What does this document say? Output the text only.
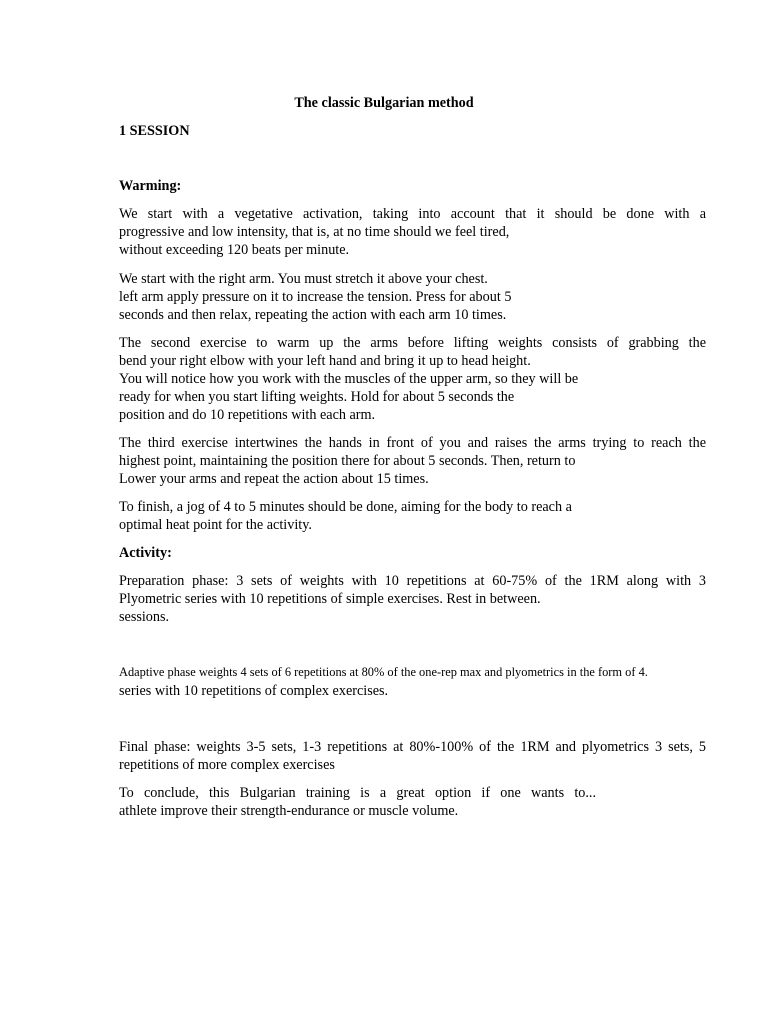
The classic Bulgarian method
1 SESSION
Warming:
We start with a vegetative activation, taking into account that it should be done with a
progressive and low intensity, that is, at no time should we feel tired,
without exceeding 120 beats per minute.
We start with the right arm. You must stretch it above your chest.
left arm apply pressure on it to increase the tension. Press for about 5
seconds and then relax, repeating the action with each arm 10 times.
The second exercise to warm up the arms before lifting weights consists of grabbing the
bend your right elbow with your left hand and bring it up to head height.
You will notice how you work with the muscles of the upper arm, so they will be
ready for when you start lifting weights. Hold for about 5 seconds the
position and do 10 repetitions with each arm.
The third exercise intertwines the hands in front of you and raises the arms trying to reach the
highest point, maintaining the position there for about 5 seconds. Then, return to
Lower your arms and repeat the action about 15 times.
To finish, a jog of 4 to 5 minutes should be done, aiming for the body to reach a
optimal heat point for the activity.
Activity:
Preparation phase: 3 sets of weights with 10 repetitions at 60-75% of the 1RM along with 3
Plyometric series with 10 repetitions of simple exercises. Rest in between.
sessions.
Adaptive phase weights 4 sets of 6 repetitions at 80% of the one-rep max and plyometrics in the form of 4.
series with 10 repetitions of complex exercises.
Final phase: weights 3-5 sets, 1-3 repetitions at 80%-100% of the 1RM and plyometrics 3 sets, 5
repetitions of more complex exercises
To conclude, this Bulgarian training is a great option if one wants to...
athlete improve their strength-endurance or muscle volume.
